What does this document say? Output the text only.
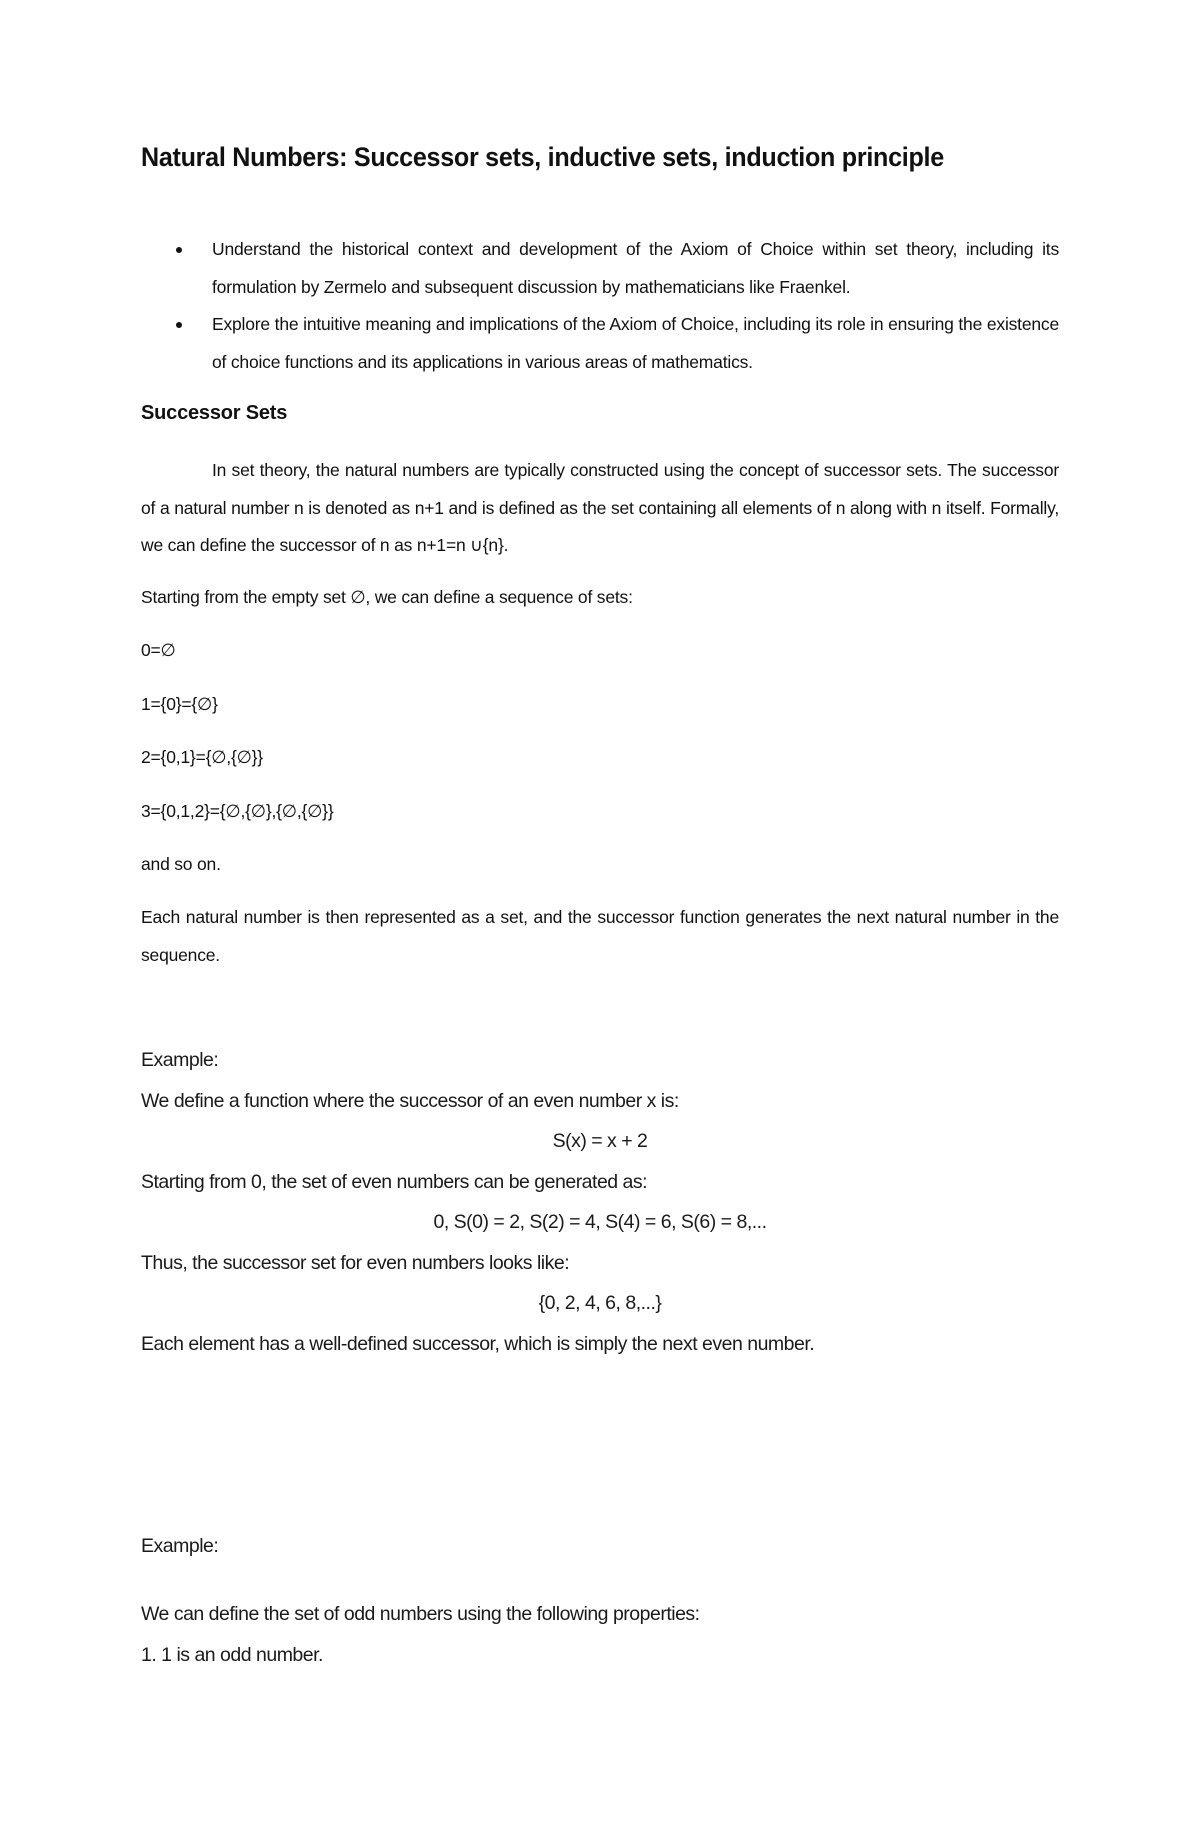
Natural Numbers: Successor sets, inductive sets, induction principle
Understand the historical context and development of the Axiom of Choice within set theory, including its formulation by Zermelo and subsequent discussion by mathematicians like Fraenkel.
Explore the intuitive meaning and implications of the Axiom of Choice, including its role in ensuring the existence of choice functions and its applications in various areas of mathematics.
Successor Sets

In set theory, the natural numbers are typically constructed using the concept of successor sets. The successor of a natural number n is denoted as n+1 and is defined as the set containing all elements of n along with n itself. Formally, we can define the successor of n as n+1=n ∪{n}.

Starting from the empty set ∅, we can define a sequence of sets:

0=∅

1={0}={∅}

2={0,1}={∅,{∅}}

3={0,1,2}={∅,{∅},{∅,{∅}}

and so on.

Each natural number is then represented as a set, and the successor function generates the next natural number in the sequence.

Example:

We define a function where the successor of an even number x is:

S(x) = x + 2

Starting from 0, the set of even numbers can be generated as:

0, S(0) = 2, S(2) = 4, S(4) = 6, S(6) = 8,...

Thus, the successor set for even numbers looks like:

{0, 2, 4, 6, 8,...}

Each element has a well-defined successor, which is simply the next even number.

Example:

We can define the set of odd numbers using the following properties:

1. 1 is an odd number.
